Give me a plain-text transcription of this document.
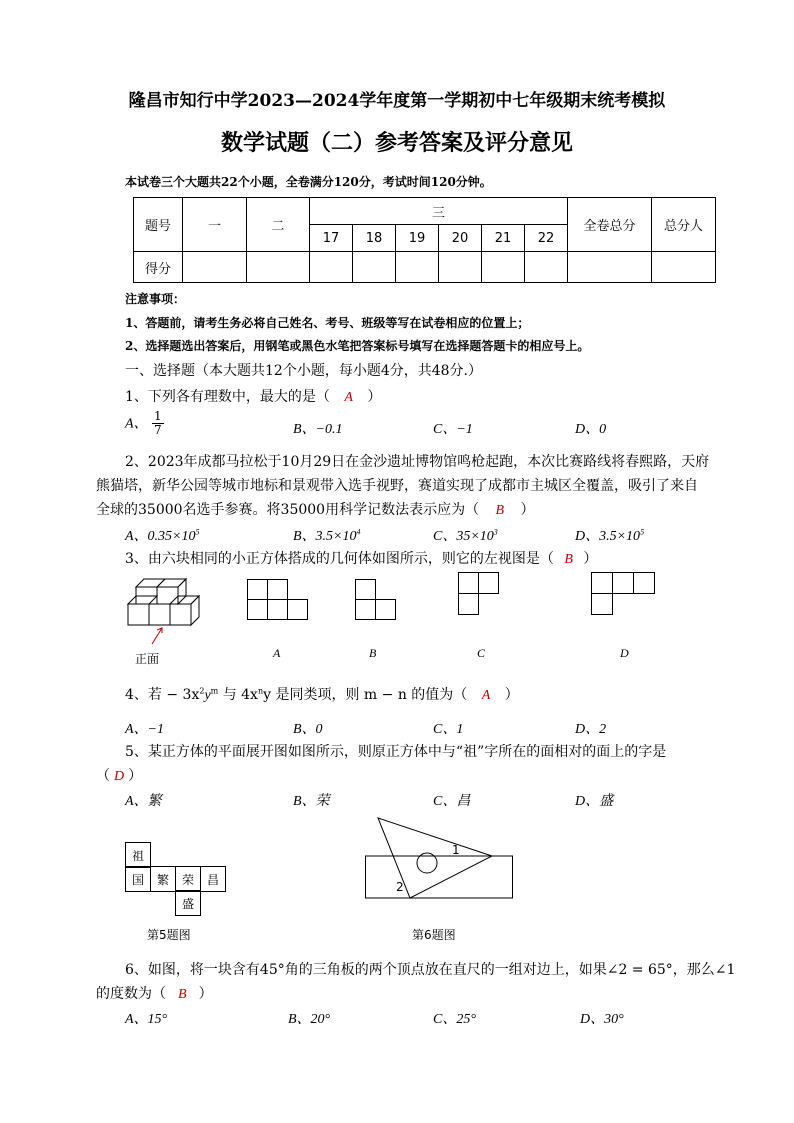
隆昌市知行中学2023—2024学年度第一学期初中七年级期末统考模拟
数学试题（二）参考答案及评分意见
本试卷三个大题共22个小题，全卷满分120分，考试时间120分钟。
题号	一	二	三						全卷总分	总分人
			17	18	19	20	21	22		
得分										
注意事项：
1、答题前，请考生务必将自己姓名、考号、班级等写在试卷相应的位置上；
2、选择题选出答案后，用钢笔或黑色水笔把答案标号填写在选择题答题卡的相应号上。
一、选择题（本大题共12个小题，每小题4分，共48分.）
1、下列各有理数中，最大的是（ A ）
A、 $\frac{1}{7}$	B、−0.1	C、−1	D、0
2、2023年成都马拉松于10月29日在金沙遗址博物馆鸣枪起跑，本次比赛路线将春熙路，天府
熊猫塔，新华公园等城市地标和景观带入选手视野，赛道实现了成都市主城区全覆盖，吸引了来自
全球的35000名选手参赛。将35000用科学记数法表示应为（ B ）
A、$0.35\times 10^5$	B、$3.5\times 10^4$	C、$35\times 10^3$	D、$3.5\times 10^5$
3、由六块相同的小正方体搭成的几何体如图所示，则它的左视图是（ B ）
正面	A	B	C	D
4、若 − $3x^2y^m$ 与 $4x^ny$ 是同类项，则 m − n 的值为（ A ）
A、−1	B、0	C、1	D、2
5、某正方体的平面展开图如图所示，则原正方体中与“祖”字所在的面相对的面上的字是
（ D ）
A、繁	B、荣	C、昌	D、盛
祖
国	繁	荣	昌
盛
1
2
第5题图	第6题图
6、如图，将一块含有45°角的三角板的两个顶点放在直尺的一组对边上，如果∠2 = 65°，那么∠1
的度数为（ B ）
A、15°	B、20°	C、25°	D、30°
